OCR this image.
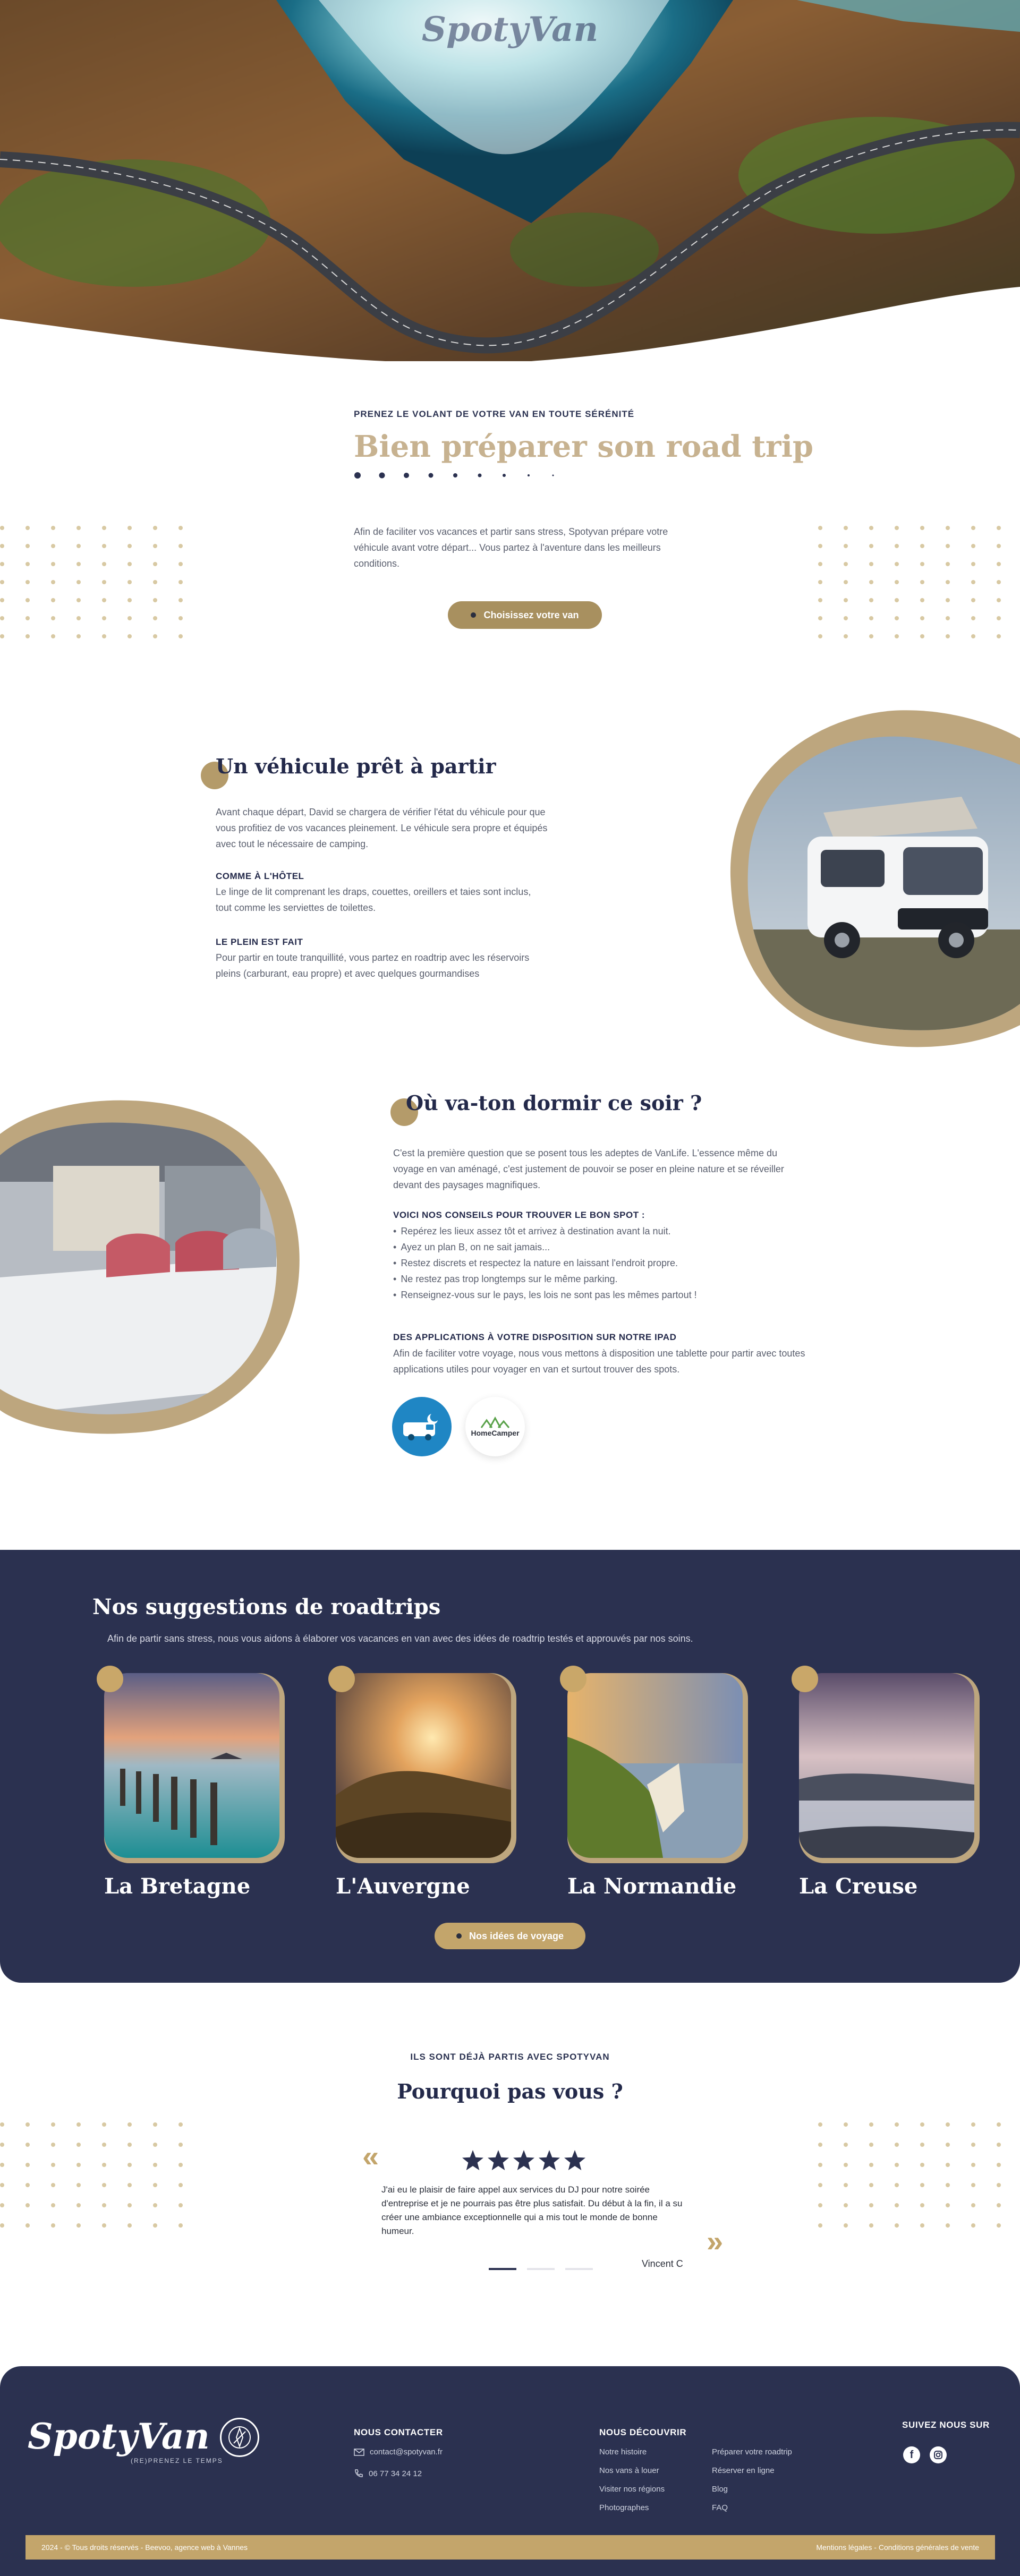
SpotyVan
PRENEZ LE VOLANT DE VOTRE VAN EN TOUTE SÉRÉNITÉ
Bien préparer son road trip
Afin de faciliter vos vacances et partir sans stress, Spotyvan prépare votre véhicule avant votre départ... Vous partez à l'aventure dans les meilleurs conditions.
Choisissez votre van
Un véhicule prêt à partir
Avant chaque départ, David se chargera de vérifier l'état du véhicule pour que vous profitiez de vos vacances pleinement. Le véhicule sera propre et équipés avec tout le nécessaire de camping.
COMME À L'HÔTEL
Le linge de lit comprenant les draps, couettes, oreillers et taies sont inclus, tout comme les serviettes de toilettes.
LE PLEIN EST FAIT
Pour partir en toute tranquillité, vous partez en roadtrip avec les réservoirs pleins (carburant, eau propre) et avec quelques gourmandises
Où va-ton dormir ce soir ?
C'est la première question que se posent tous les adeptes de VanLife. L'essence même du voyage en van aménagé, c'est justement de pouvoir se poser en pleine nature et se réveiller devant des paysages magnifiques.
VOICI NOS CONSEILS POUR TROUVER LE BON SPOT :
• Repérez les lieux assez tôt et arrivez à destination avant la nuit.
• Ayez un plan B, on ne sait jamais...
• Restez discrets et respectez la nature en laissant l'endroit propre.
• Ne restez pas trop longtemps sur le même parking.
• Renseignez-vous sur le pays, les lois ne sont pas les mêmes partout !
DES APPLICATIONS À VOTRE DISPOSITION SUR NOTRE IPAD
Afin de faciliter votre voyage, nous vous mettons à disposition une tablette pour partir avec toutes applications utiles pour voyager en van et surtout trouver des spots.
HomeCamper
Nos suggestions de roadtrips
Afin de partir sans stress, nous vous aidons à élaborer vos vacances en van avec des idées de roadtrip testés et approuvés par nos soins.
La Bretagne	L'Auvergne	La Normandie	La Creuse
Nos idées de voyage
ILS SONT DÉJÀ PARTIS AVEC SPOTYVAN
Pourquoi pas vous ?
«
J'ai eu le plaisir de faire appel aux services du DJ pour notre soirée d'entreprise et je ne pourrais pas être plus satisfait. Du début à la fin, il a su créer une ambiance exceptionnelle qui a mis tout le monde de bonne humeur.	»
Vincent C
SpotyVan
(RE)PRENEZ LE TEMPS
NOUS CONTACTER
contact@spotyvan.fr
06 77 34 24 12
NOUS DÉCOUVRIR
Notre histoire
Nos vans à louer
Visiter nos régions
Photographes
Préparer votre roadtrip
Réserver en ligne
Blog
FAQ
SUIVEZ NOUS SUR
f
2024 - © Tous droits réservés - Beevoo, agence web à Vannes	Mentions légales - Conditions générales de vente
